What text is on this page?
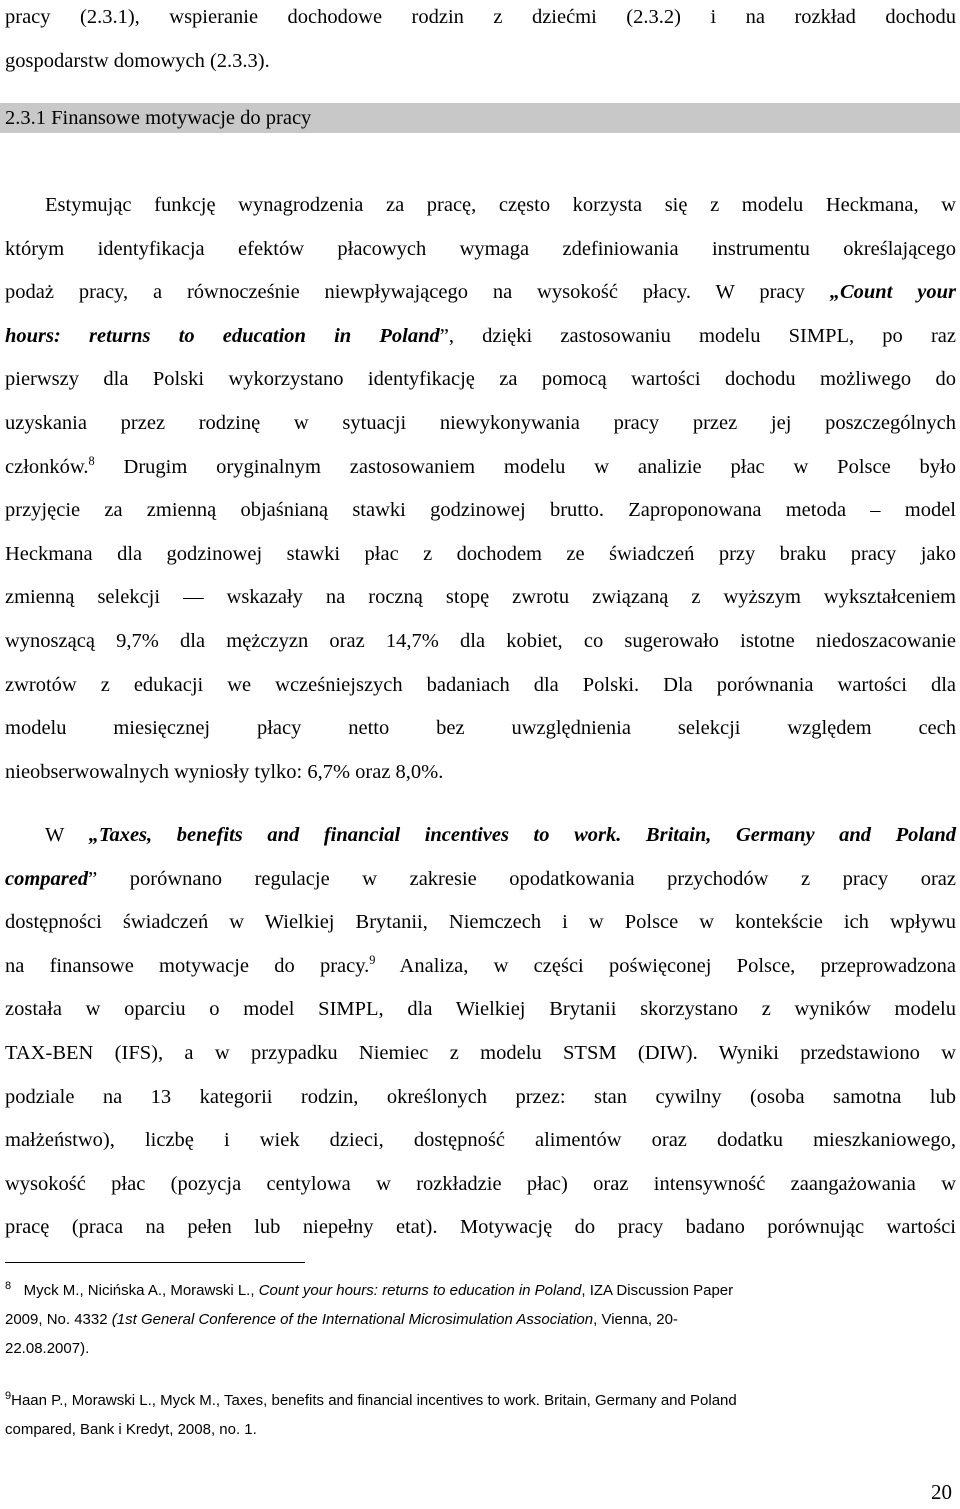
pracy (2.3.1), wspieranie dochodowe rodzin z dziećmi (2.3.2) i na rozkład dochodu
gospodarstw domowych (2.3.3).
2.3.1 Finansowe motywacje do pracy
Estymując funkcję wynagrodzenia za pracę, często korzysta się z modelu Heckmana, w
którym identyfikacja efektów płacowych wymaga zdefiniowania instrumentu określającego
podaż pracy, a równocześnie niewpływającego na wysokość płacy. W pracy „Count your
hours: returns to education in Poland”, dzięki zastosowaniu modelu SIMPL, po raz
pierwszy dla Polski wykorzystano identyfikację za pomocą wartości dochodu możliwego do
uzyskania przez rodzinę w sytuacji niewykonywania pracy przez jej poszczególnych
członków.$^8$ Drugim oryginalnym zastosowaniem modelu w analizie płac w Polsce było
przyjęcie za zmienną objaśnianą stawki godzinowej brutto. Zaproponowana metoda – model
Heckmana dla godzinowej stawki płac z dochodem ze świadczeń przy braku pracy jako
zmienną selekcji — wskazały na roczną stopę zwrotu związaną z wyższym wykształceniem
wynoszącą 9,7% dla mężczyzn oraz 14,7% dla kobiet, co sugerowało istotne niedoszacowanie
zwrotów z edukacji we wcześniejszych badaniach dla Polski. Dla porównania wartości dla
modelu miesięcznej płacy netto bez uwzględnienia selekcji względem cech
nieobserwowalnych wyniosły tylko: 6,7% oraz 8,0%.
W „Taxes, benefits and financial incentives to work. Britain, Germany and Poland
compared” porównano regulacje w zakresie opodatkowania przychodów z pracy oraz
dostępności świadczeń w Wielkiej Brytanii, Niemczech i w Polsce w kontekście ich wpływu
na finansowe motywacje do pracy.$^9$ Analiza, w części poświęconej Polsce, przeprowadzona
została w oparciu o model SIMPL, dla Wielkiej Brytanii skorzystano z wyników modelu
TAX-BEN (IFS), a w przypadku Niemiec z modelu STSM (DIW). Wyniki przedstawiono w
podziale na 13 kategorii rodzin, określonych przez: stan cywilny (osoba samotna lub
małżeństwo), liczbę i wiek dzieci, dostępność alimentów oraz dodatku mieszkaniowego,
wysokość płac (pozycja centylowa w rozkładzie płac) oraz intensywność zaangażowania w
pracę (praca na pełen lub niepełny etat). Motywację do pracy badano porównując wartości
$^8$ Myck M., Nicińska A., Morawski L., Count your hours: returns to education in Poland, IZA Discussion Paper
2009, No. 4332 (1st General Conference of the International Microsimulation Association, Vienna, 20-
22.08.2007).
$^9$Haan P., Morawski L., Myck M., Taxes, benefits and financial incentives to work. Britain, Germany and Poland
compared, Bank i Kredyt, 2008, no. 1.
20
